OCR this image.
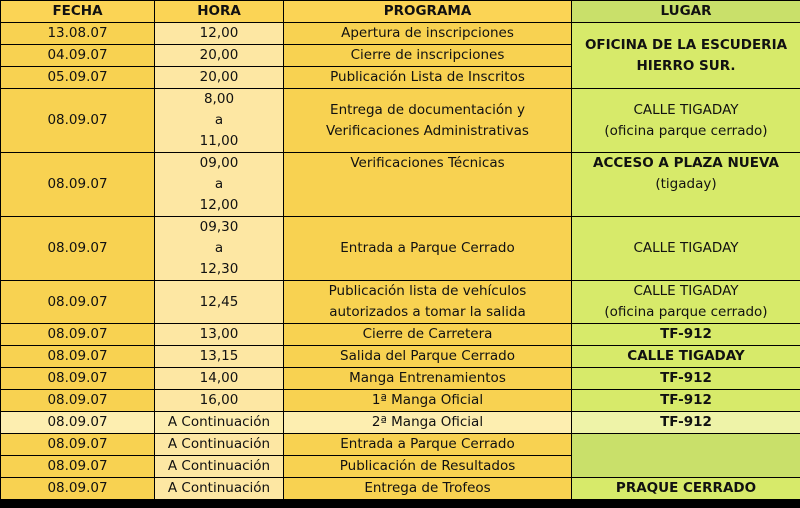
FECHA	HORA	PROGRAMA	LUGAR
13.08.07	12,00	Apertura de inscripciones	OFICINA DE LA ESCUDERIA
HIERRO SUR.

04.09.07	20,00	Cierre de inscripciones	
05.09.07	20,00	Publicación Lista de Inscritos	
08.09.07	8,00
a
11,00	Entrega de documentación y
Verificaciones Administrativas	CALLE TIGADAY
(oficina parque cerrado)

08.09.07	09,00
a
12,00	Verificaciones Técnicas	ACCESO A PLAZA NUEVA
(tigaday)

08.09.07	09,30
a
12,30	Entrada a Parque Cerrado	CALLE TIGADAY
08.09.07	12,45	Publicación lista de vehículos
autorizados a tomar la salida	CALLE TIGADAY
(oficina parque cerrado)

08.09.07	13,00	Cierre de Carretera	TF-912
08.09.07	13,15	Salida del Parque Cerrado	CALLE TIGADAY
08.09.07	14,00	Manga Entrenamientos	TF-912
08.09.07	16,00	1ª Manga Oficial	TF-912
08.09.07	A Continuación	2ª Manga Oficial	TF-912
08.09.07	A Continuación	Entrada a Parque Cerrado	
08.09.07	A Continuación	Publicación de Resultados	
08.09.07	A Continuación	Entrega de Trofeos	PRAQUE CERRADO
